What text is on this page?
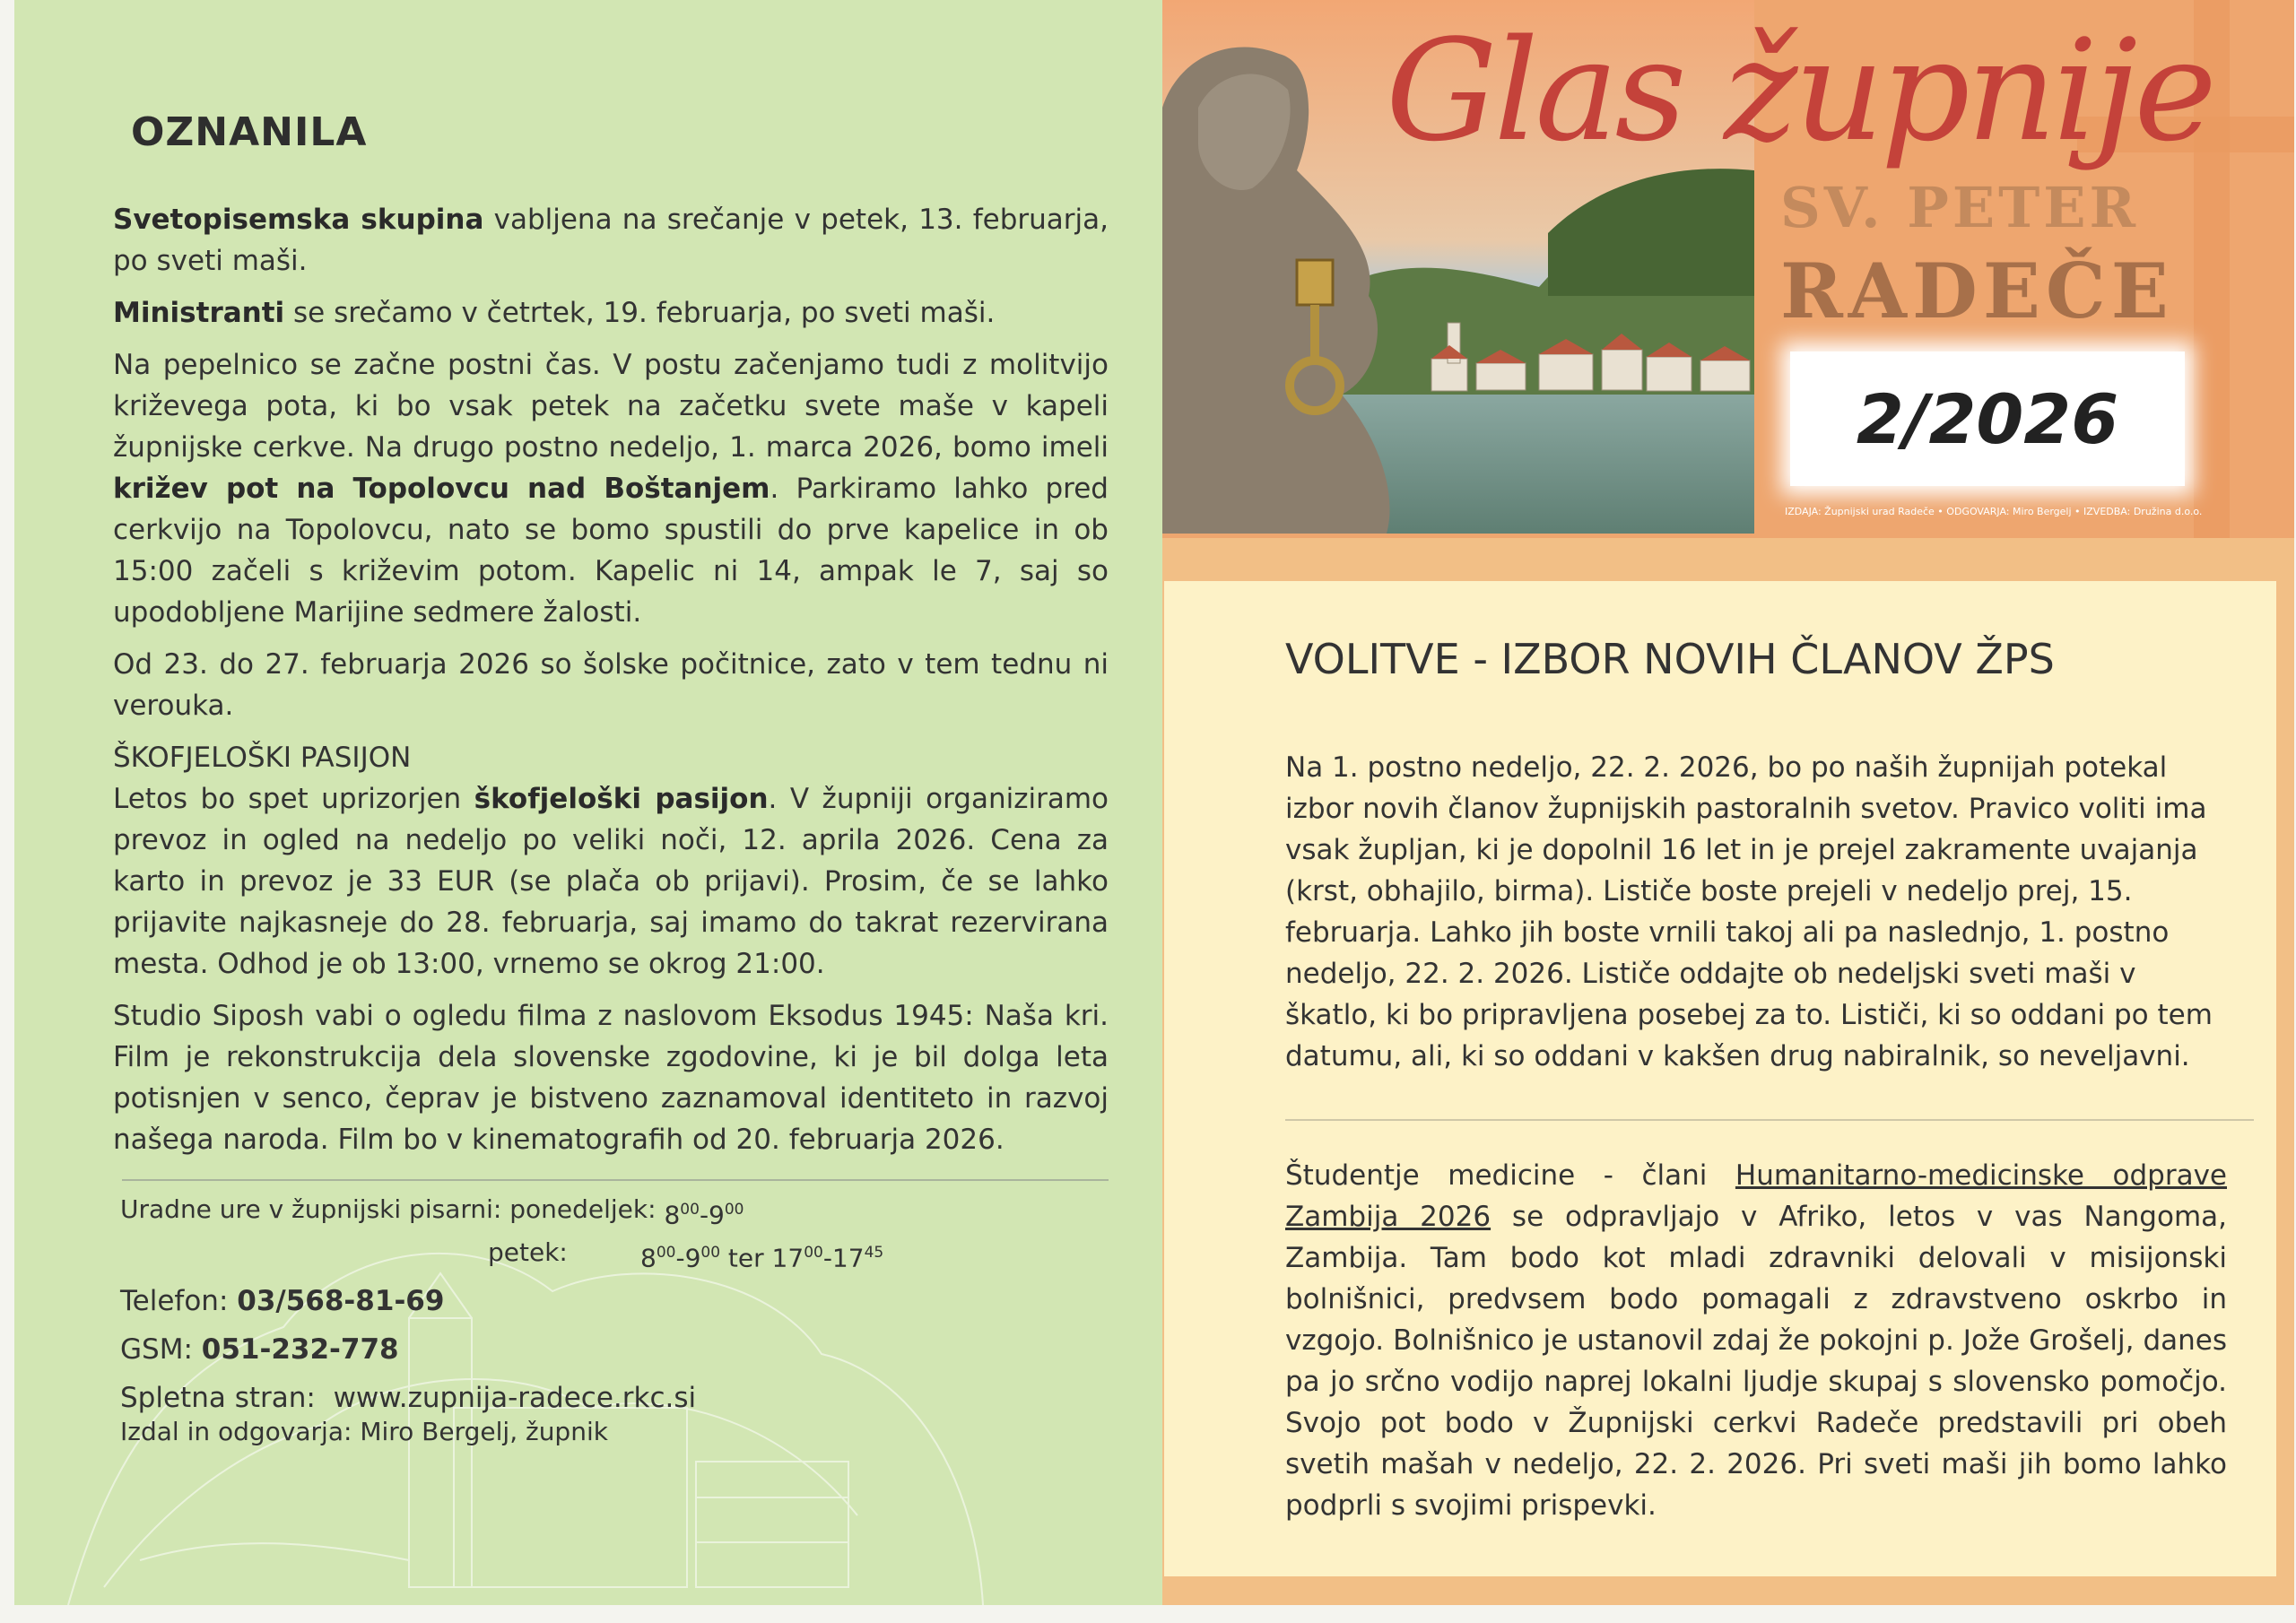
OZNANILA

Svetopisemska skupina vabljena na srečanje v petek, 13. februarja, po sveti maši.

Ministranti se srečamo v četrtek, 19. februarja, po sveti maši.

Na pepelnico se začne postni čas. V postu začenjamo tudi z molitvijo križevega pota, ki bo vsak petek na začetku svete maše v kapeli župnijske cerkve. Na drugo postno nedeljo, 1. marca 2026, bomo imeli križev pot na Topolovcu nad Boštanjem. Parkiramo lahko pred cerkvijo na Topolovcu, nato se bomo spustili do prve kapelice in ob 15:00 začeli s križevim potom. Kapelic ni 14, ampak le 7, saj so upodobljene Marijine sedmere žalosti.

Od 23. do 27. februarja 2026 so šolske počitnice, zato v tem tednu ni verouka.

ŠKOFJELOŠKI PASIJON

Letos bo spet uprizorjen škofjeloški pasijon. V župniji organiziramo prevoz in ogled na nedeljo po veliki noči, 12. aprila 2026. Cena za karto in prevoz je 33 EUR (se plača ob prijavi). Prosim, če se lahko prijavite najkasneje do 28. februarja, saj imamo do takrat rezervirana mesta. Odhod je ob 13:00, vrnemo se okrog 21:00.

Studio Siposh vabi o ogledu filma z naslovom Eksodus 1945: Naša kri. Film je rekonstrukcija dela slovenske zgodovine, ki je bil dolga leta potisnjen v senco, čeprav je bistveno zaznamoval identiteto in razvoj našega naroda. Film bo v kinematografih od 20. februarja 2026.

Uradne ure v župnijski pisarni:
ponedeljek:
$8^{00}-9^{00}$
petek:	$8^{00}-9^{00}$ ter $17^{00}-17^{45}$
Telefon: 03/568-81-69
GSM: 051-232-778
Spletna stran: www.zupnija-radece.rkc.si
Izdal in odgovarja: Miro Bergelj, župnik
Glas župnije
SV. PETER
RADEČE
2/2026
IZDAJA: Župnijski urad Radeče • ODGOVARJA: Miro Bergelj • IZVEDBA: Družina d.o.o.
VOLITVE - IZBOR NOVIH ČLANOV ŽPS
Na 1. postno nedeljo, 22. 2. 2026, bo po naših župnijah potekal izbor novih članov župnijskih pastoralnih svetov. Pravico voliti ima vsak župljan, ki je dopolnil 16 let in je prejel zakramente uvajanja (krst, obhajilo, birma). Lističe boste prejeli v nedeljo prej, 15. februarja. Lahko jih boste vrnili takoj ali pa naslednjo, 1. postno nedeljo, 22. 2. 2026. Lističe oddajte ob nedeljski sveti maši v škatlo, ki bo pripravljena posebej za to. Lističi, ki so oddani po tem datumu, ali, ki so oddani v kakšen drug nabiralnik, so neveljavni.
Študentje medicine - člani Humanitarno-medicinske odprave Zambija 2026 se odpravljajo v Afriko, letos v vas Nangoma, Zambija. Tam bodo kot mladi zdravniki delovali v misijonski bolnišnici, predvsem bodo pomagali z zdravstveno oskrbo in vzgojo. Bolnišnico je ustanovil zdaj že pokojni p. Jože Grošelj, danes pa jo srčno vodijo naprej lokalni ljudje skupaj s slovensko pomočjo. Svojo pot bodo v Župnijski cerkvi Radeče predstavili pri obeh svetih mašah v nedeljo, 22. 2. 2026. Pri sveti maši jih bomo lahko podprli s svojimi prispevki.
